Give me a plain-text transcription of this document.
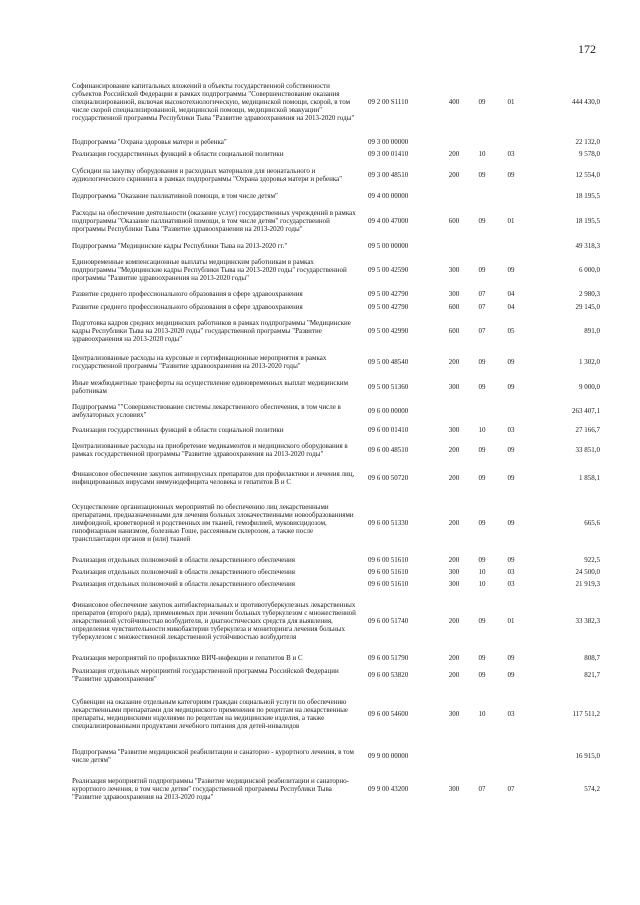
172
Софинансирование капитальных вложений в объекты государственной собственности субъектов Российской Федерации в рамках подпрограммы "Совершенствование оказания специализированной, включая высокотехнологическую, медицинской помощи, скорой, в том числе скорой специализированной, медицинской помощи, медицинской эвакуации" государственной программы Республики Тыва "Развитие здравоохранения на 2013-2020 годы"
09 2 00 S1110	400	09	01	444 430,0
Подпрограмма "Охрана здоровья матери и ребенка"	09 3 00 00000	22 132,0
Реализация государственных функций в области социальной политики	09 3 00 01410	200	10	03	9 578,0
Субсидии на закупку оборудования и расходных материалов для неонатального и аудиологического скрининга в рамках подпрограммы "Охрана здоровья матери и ребенка"	09 3 00 48510	200	09	09	12 554,0
Подпрограмма "Оказание паллиативной помощи, в том числе детям"	09 4 00 00000	18 195,5
Расходы на обеспечение деятельности (оказание услуг) государственных учреждений в рамках подпрограммы "Оказание паллиативной помощи, в том числе детям" государственной программы Республики Тыва "Развитие здравоохранения на 2013-2020 годы"
09 4 00 47000	600	09	01	18 195,5
Подпрограмма "Медицинские кадры Республики Тыва на 2013-2020 гг."	09 5 00 00000	49 318,3
Единовременные компенсационные выплаты медицинским работникам в рамках подпрограммы "Медицинские кадры Республики Тыва на 2013-2020 годы" государственной программы "Развитие здравоохранения на 2013-2020 годы"
09 5 00 42590	300	09	09	6 000,0
Развитие среднего профессионального образования в сфере здравоохранения	09 5 00 42790	300	07	04	2 980,3
Развитие среднего профессионального образования в сфере здравоохранения	09 5 00 42790	600	07	04	29 145,0
Подготовка кадров средних медицинских работников в рамках подпрограммы "Медицинские кадры Республики Тыва на 2013-2020 годы" государственной программы "Развитие здравоохранения на 2013-2020 годы"
09 5 00 42990	600	07	05	891,0
Централизованные расходы на курсовые и сертификационные мероприятия в рамках государственной программы "Развитие здравоохранения на 2013-2020 годы"	09 5 00 48540	200	09	09	1 302,0
Иные межбюджетные трансферты на осуществление единовременных выплат медицинским работникам	09 5 00 51360	300	09	09	9 000,0
Подпрограмма ""Совершенствование системы лекарственного обеспечения, в том числе в амбулаторных условиях"	09 6 00 00000	263 407,1
Реализация государственных функций в области социальной политики	09 6 00 01410	300	10	03	27 166,7
Централизованные расходы на приобретение медикаментов и медицинского оборудования в рамках государственной программы "Развитие здравоохранения на 2013-2020 годы"	09 6 00 48510	200	09	09	33 851,0
Финансовое обеспечение закупок антивирусных препаратов для профилактики и лечения лиц, инфицированных вирусами иммунодефицита человека и гепатитов В и С	09 6 00 50720	200	09	09	1 858,1
Осуществление организационных мероприятий по обеспечению лиц лекарственными препаратами, предназначенными для лечения больных злокачественными новообразованиями лимфоидной, кроветворной и родственных им тканей, гемофилией, муковисцидозом, гипофизарным нанизмом, болезнью Гоше, рассеянным склерозом, а также после трансплантации органов и (или) тканей
09 6 00 51330	200	09	09	665,6
Реализация отдельных полномочий в области лекарственного обеспечения	09 6 00 51610	200	09	09	922,5
Реализация отдельных полномочий в области лекарственного обеспечения	09 6 00 51610	300	10	03	24 500,0
Реализация отдельных полномочий в области лекарственного обеспечения	09 6 00 51610	300	10	03	21 919,3
Финансовое обеспечение закупок антибактериальных и противотуберкулезных лекарственных препаратов (второго ряда), применяемых при лечении больных туберкулезом с множественной лекарственной устойчивостью возбудителя, и диагностических средств для выявления, определения чувствительности микобактерии туберкулеза и мониторинга лечения больных туберкулезом с множественной лекарственной устойчивостью возбудителя
09 6 00 51740	200	09	01	33 382,3
Реализация мероприятий по профилактике ВИЧ-инфекции и гепатитов В и С	09 6 00 51790	200	09	09	808,7
Реализация отдельных мероприятий государственной программы Российской Федерации "Развитие здравоохранения"	09 6 00 53820	200	09	09	821,7
Субвенции на оказание отдельным категориям граждан социальной услуги по обеспечению лекарственными препаратами для медицинского применения по рецептам на лекарственные препараты, медицинскими изделиями по рецептам на медицинские изделия, а также специализированными продуктами лечебного питания для детей-инвалидов
09 6 00 54600	300	10	03	117 511,2
Подпрограмма "Развитие медицинской реабилитации и санаторно - курортного лечения, в том числе детям"	09 9 00 00000	16 915,0
Реализация мероприятий подпрограммы "Развитие медицинской реабилитации и санаторно-курортного лечения, в том числе детям" государственной программы Республики Тыва "Развитие здравоохранения на 2013-2020 годы"
09 9 00 43200	300	07	07	574,2
